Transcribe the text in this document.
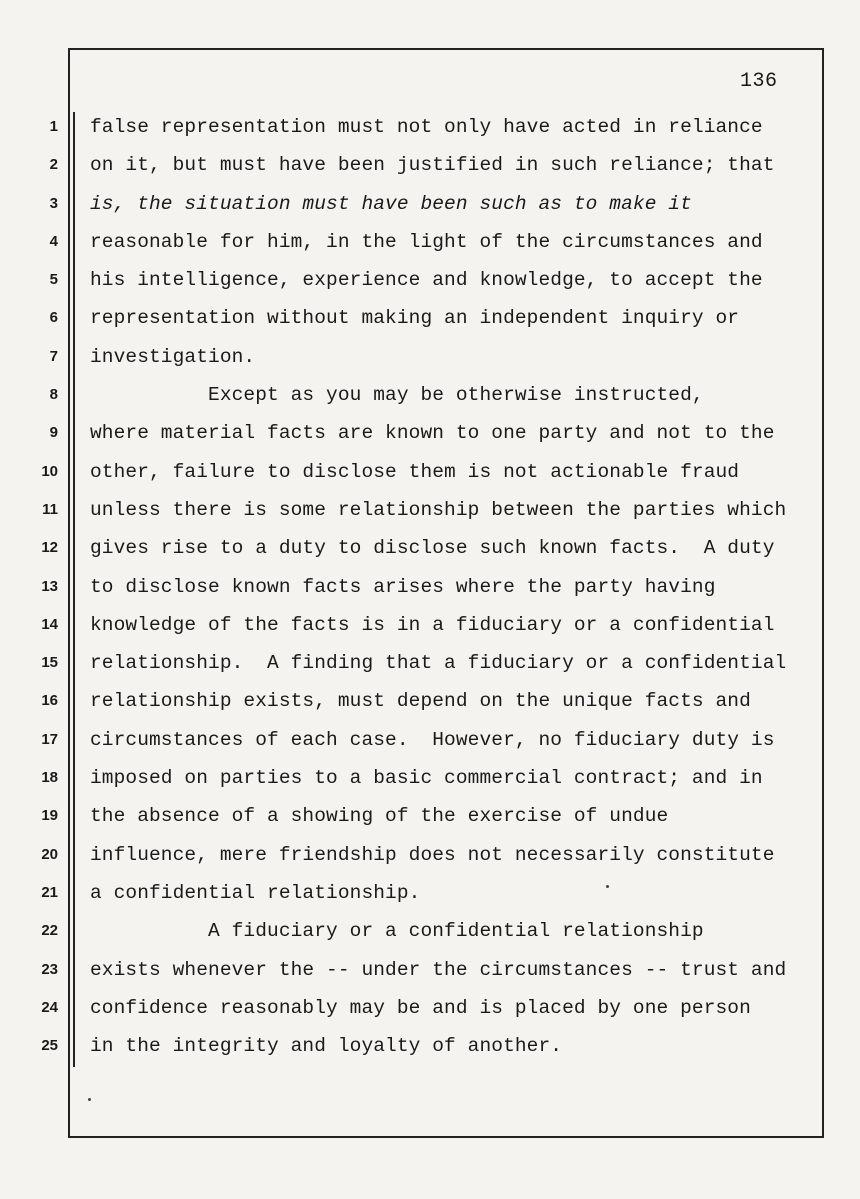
136
1
2
3
4
5
6
7
8
9
10
11
12
13
14
15
16
17
18
19
20
21
22
23
24
25
false representation must not only have acted in reliance
on it, but must have been justified in such reliance; that
is, the situation must have been such as to make it
reasonable for him, in the light of the circumstances and
his intelligence, experience and knowledge, to accept the
representation without making an independent inquiry or
investigation.
Except as you may be otherwise instructed,
where material facts are known to one party and not to the
other, failure to disclose them is not actionable fraud
unless there is some relationship between the parties which
gives rise to a duty to disclose such known facts.  A duty
to disclose known facts arises where the party having
knowledge of the facts is in a fiduciary or a confidential
relationship.  A finding that a fiduciary or a confidential
relationship exists, must depend on the unique facts and
circumstances of each case.  However, no fiduciary duty is
imposed on parties to a basic commercial contract; and in
the absence of a showing of the exercise of undue
influence, mere friendship does not necessarily constitute
a confidential relationship.
A fiduciary or a confidential relationship
exists whenever the -- under the circumstances -- trust and
confidence reasonably may be and is placed by one person
in the integrity and loyalty of another.
